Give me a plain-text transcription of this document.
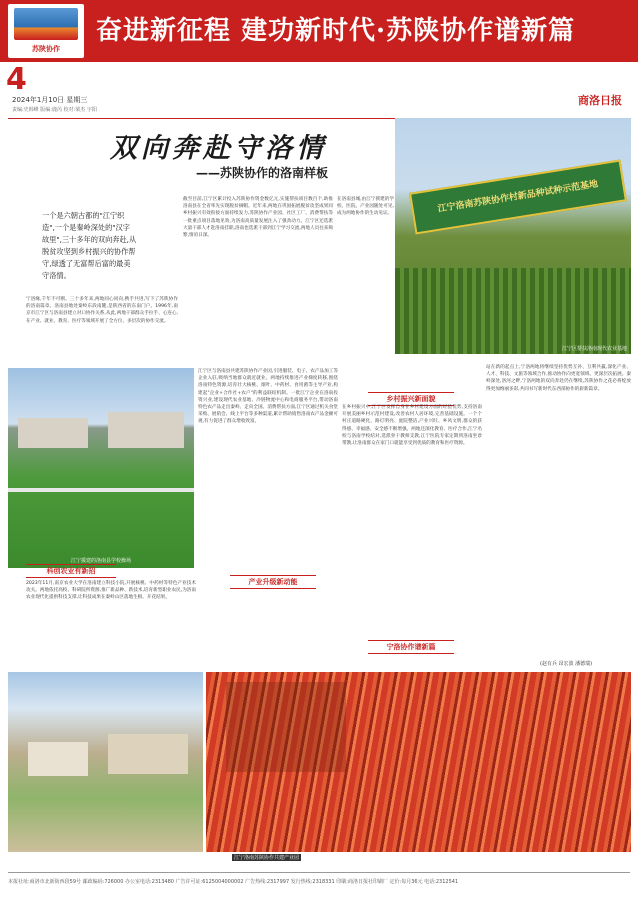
苏陕协作
奋进新征程 建功新时代·苏陕协作谱新篇
4
2024年1月10日 星期三
责编:史韩峰 版编:鹿芮 校对:梁杰 宇阳
商洛日报
双向奔赴守洛情
——苏陕协作的洛南样板
江宁洛南苏陕协作村新品种试种示范基地
江宁区帮扶洛南现代农业基地
一个是六朝古都的"江宁织造",一个是秦岭深处的"汉字故里",三十多年的双向奔赴,从脱贫攻坚到乡村振兴的协作帮守,绿透了无富帮后富的最美守洛情。
宁洛缘,千年不可断。三十多年来,两地同心同向,携手共进,写下了苏陕协作的洛南篇章。洛南县地处秦岭东段南麓,是陕西省的东南门户。1996年,南京市江宁区与洛南县建立对口协作关系,从此,两地干部群众手拉手、心连心,在产业、就业、教育、医疗等领域开展了全方位、多层次的协作交流。
截至目前,江宁区累计投入苏陕协作资金数亿元,实施帮扶项目数百个,助推洛南县在全省率先实现脱贫摘帽。近年来,两地在巩固拓展脱贫攻坚成果同乡村振兴有效衔接方面持续发力,苏陕协作产业园、社区工厂、消费帮扶等一批重点项目落地见效,为洛南高质量发展注入了强劲动力。江宁区还选派大量干部人才赴洛南挂职,洛南也选派干部到江宁学习交流,两地人员往来频繁,情谊日深。
在洛南县城,由江宁援建的学校、医院、产业园随处可见,成为两地协作的生动见证。
江宁援建的洛南县学校操场
科创农业有新招
2023年11月,南京农业大学在洛南建立科技小院,开展核桃、中药材等特色产业技术攻关。两地依托高校、科研院所资源,推广新品种、新技术,培育新型职业农民,为洛南农业现代化提供科技支撑,让科技成果在秦岭山区落地生根、开花结果。
江宁区与洛南县共建苏陕协作产业园,引进服装、电子、农产品加工等企业入驻,吸纳当地群众就近就业。两地持续推进产业梯度转移,围绕洛南特色资源,培育壮大核桃、烟叶、中药材、食用菌等主导产业,构建起"企业+合作社+农户"的利益联结机制。一批江宁企业在洛南投资兴业,建设现代农业基地、冷链物流中心和电商服务平台,带动洛南特色农产品走出秦岭、走向全国。消费帮扶方面,江宁区通过机关食堂采购、展销会、线上平台等多种渠道,累计帮助销售洛南农产品金额可观,有力促进了群众增收致富。
产业升级新动能
乡村振兴新面貌
在乡村振兴中,江宁区发挥自身在乡村建设方面的经验优势,支持洛南开展美丽乡村示范村建设,改善农村人居环境,完善基础设施。一个个村庄道路硬化、路灯明亮、庭院整洁,产业兴旺、乡风文明,群众的获得感、幸福感、安全感不断增强。两地还深化教育、医疗合作,江宁名校与洛南学校结对,选派骨干教师支教,江宁医院专家定期到洛南坐诊带教,让洛南群众在家门口就能享受到优质的教育和医疗资源。
宁洛协作谱新篇
站在新的起点上,宁洛两地将继续坚持优势互补、互利共赢,深化产业、人才、科技、文旅等领域合作,推动协作向更宽领域、更深层次拓展。秦岭深处,洛河之畔,宁洛两地的双向奔赴仍在继续,苏陕协作之花必将绽放得更加绚丽多彩,共同书写新时代东西部协作的崭新篇章。
(赵有兵 昂宏波 潘德瑞)
江宁洛南苏陕协作共建产业园
本报社址:商洛市北新街西段59号 邮政编码:726000 办公室电话:2313480 广告许可证:6125004000002 广告热线:2317997 发行热线:2318331 印刷:商洛日报社印刷厂 定价:每月36元 电话:2312541
